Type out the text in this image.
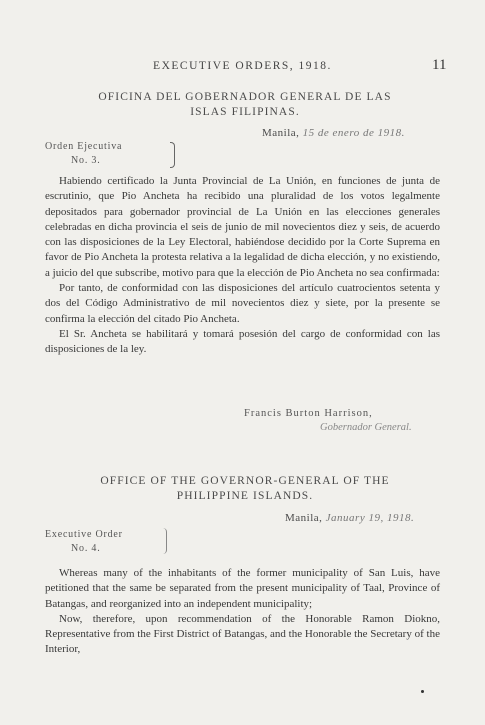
EXECUTIVE ORDERS, 1918.	11
OFICINA DEL GOBERNADOR GENERAL DE LAS
ISLAS FILIPINAS.
Manila, 15 de enero de 1918.
Orden Ejecutiva
No. 3.

Habiendo certificado la Junta Provincial de La Unión, en funciones de junta de escrutinio, que Pio Ancheta ha recibido una pluralidad de los votos legalmente depositados para gobernador provincial de La Unión en las elecciones generales celebradas en dicha provincia el seis de junio de mil novecientos diez y seis, de acuerdo con las disposiciones de la Ley Electoral, habiéndose decidido por la Corte Suprema en favor de Pio Ancheta la protesta relativa a la legalidad de dicha elección, y no existiendo, a juicio del que subscribe, motivo para que la elección de Pio Ancheta no sea confirmada:

Por tanto, de conformidad con las disposiciones del artículo cuatrocientos setenta y dos del Código Administrativo de mil novecientos diez y siete, por la presente se confirma la elección del citado Pio Ancheta.

El Sr. Ancheta se habilitará y tomará posesión del cargo de conformidad con las disposiciones de la ley.

Francis Burton Harrison,
Gobernador General.
OFFICE OF THE GOVERNOR-GENERAL OF THE
PHILIPPINE ISLANDS.
Manila, January 19, 1918.
Executive Order
No. 4.

Whereas many of the inhabitants of the former municipality of San Luis, have petitioned that the same be separated from the present municipality of Taal, Province of Batangas, and reorganized into an independent municipality;

Now, therefore, upon recommendation of the Honorable Ramon Diokno, Representative from the First District of Batangas, and the Honorable the Secretary of the Interior,
